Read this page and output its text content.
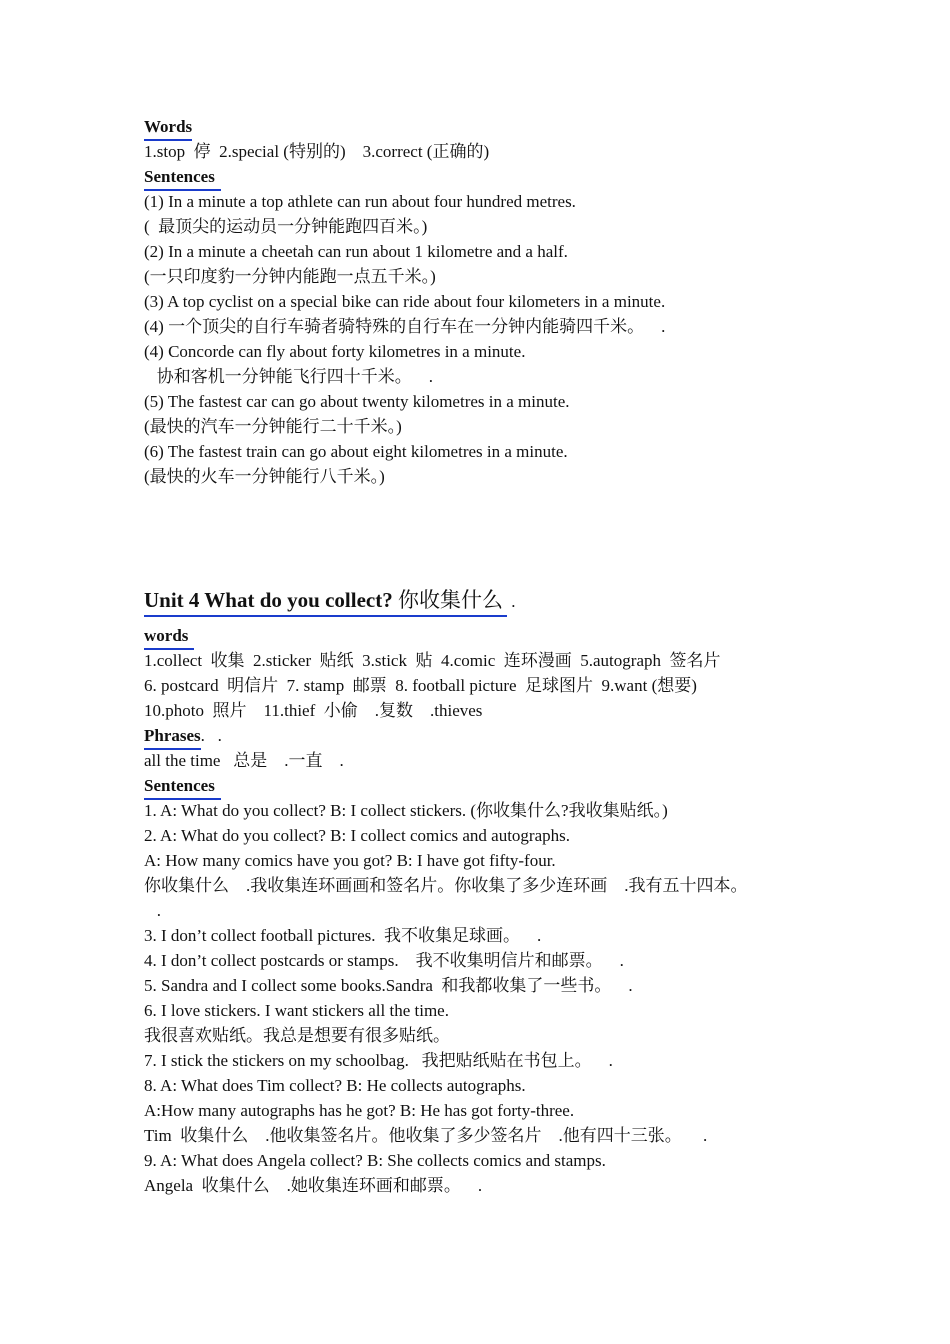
Words
1.stop  停  2.special (特别的)    3.correct (正确的)
Sentences
(1) In a minute a top athlete can run about four hundred metres.
(  最顶尖的运动员一分钟能跑四百米。)
(2) In a minute a cheetah can run about 1 kilometre and a half.
(一只印度豹一分钟内能跑一点五千米。)
(3) A top cyclist on a special bike can ride about four kilometers in a minute.
(4) 一个顶尖的自行车骑者骑特殊的自行车在一分钟内能骑四千米。    .
(4) Concorde can fly about forty kilometres in a minute.
协和客机一分钟能飞行四十千米。    .
(5) The fastest car can go about twenty kilometres in a minute.
(最快的汽车一分钟能行二十千米。)
(6) The fastest train can go about eight kilometres in a minute.
(最快的火车一分钟能行八千米。)
Unit 4 What do you collect? 你收集什么 .
words
1.collect  收集  2.sticker  贴纸  3.stick  贴  4.comic  连环漫画  5.autograph  签名片
6. postcard  明信片  7. stamp  邮票  8. football picture  足球图片  9.want (想要)
10.photo  照片    11.thief  小偷    .复数    .thieves
Phrases.   .
all the time   总是    .一直    .
Sentences
1. A: What do you collect? B: I collect stickers. (你收集什么?我收集贴纸。)
2. A: What do you collect? B: I collect comics and autographs.
A: How many comics have you got? B: I have got fifty-four.
你收集什么    .我收集连环画画和签名片。你收集了多少连环画    .我有五十四本。
.
3. I don’t collect football pictures.  我不收集足球画。    .
4. I don’t collect postcards or stamps.    我不收集明信片和邮票。    .
5. Sandra and I collect some books.Sandra  和我都收集了一些书。    .
6. I love stickers. I want stickers all the time.
我很喜欢贴纸。我总是想要有很多贴纸。
7. I stick the stickers on my schoolbag.   我把贴纸贴在书包上。    .
8. A: What does Tim collect? B: He collects autographs.
A:How many autographs has he got? B: He has got forty-three.
Tim  收集什么    .他收集签名片。他收集了多少签名片    .他有四十三张。     .
9. A: What does Angela collect? B: She collects comics and stamps.
Angela  收集什么    .她收集连环画和邮票。    .
